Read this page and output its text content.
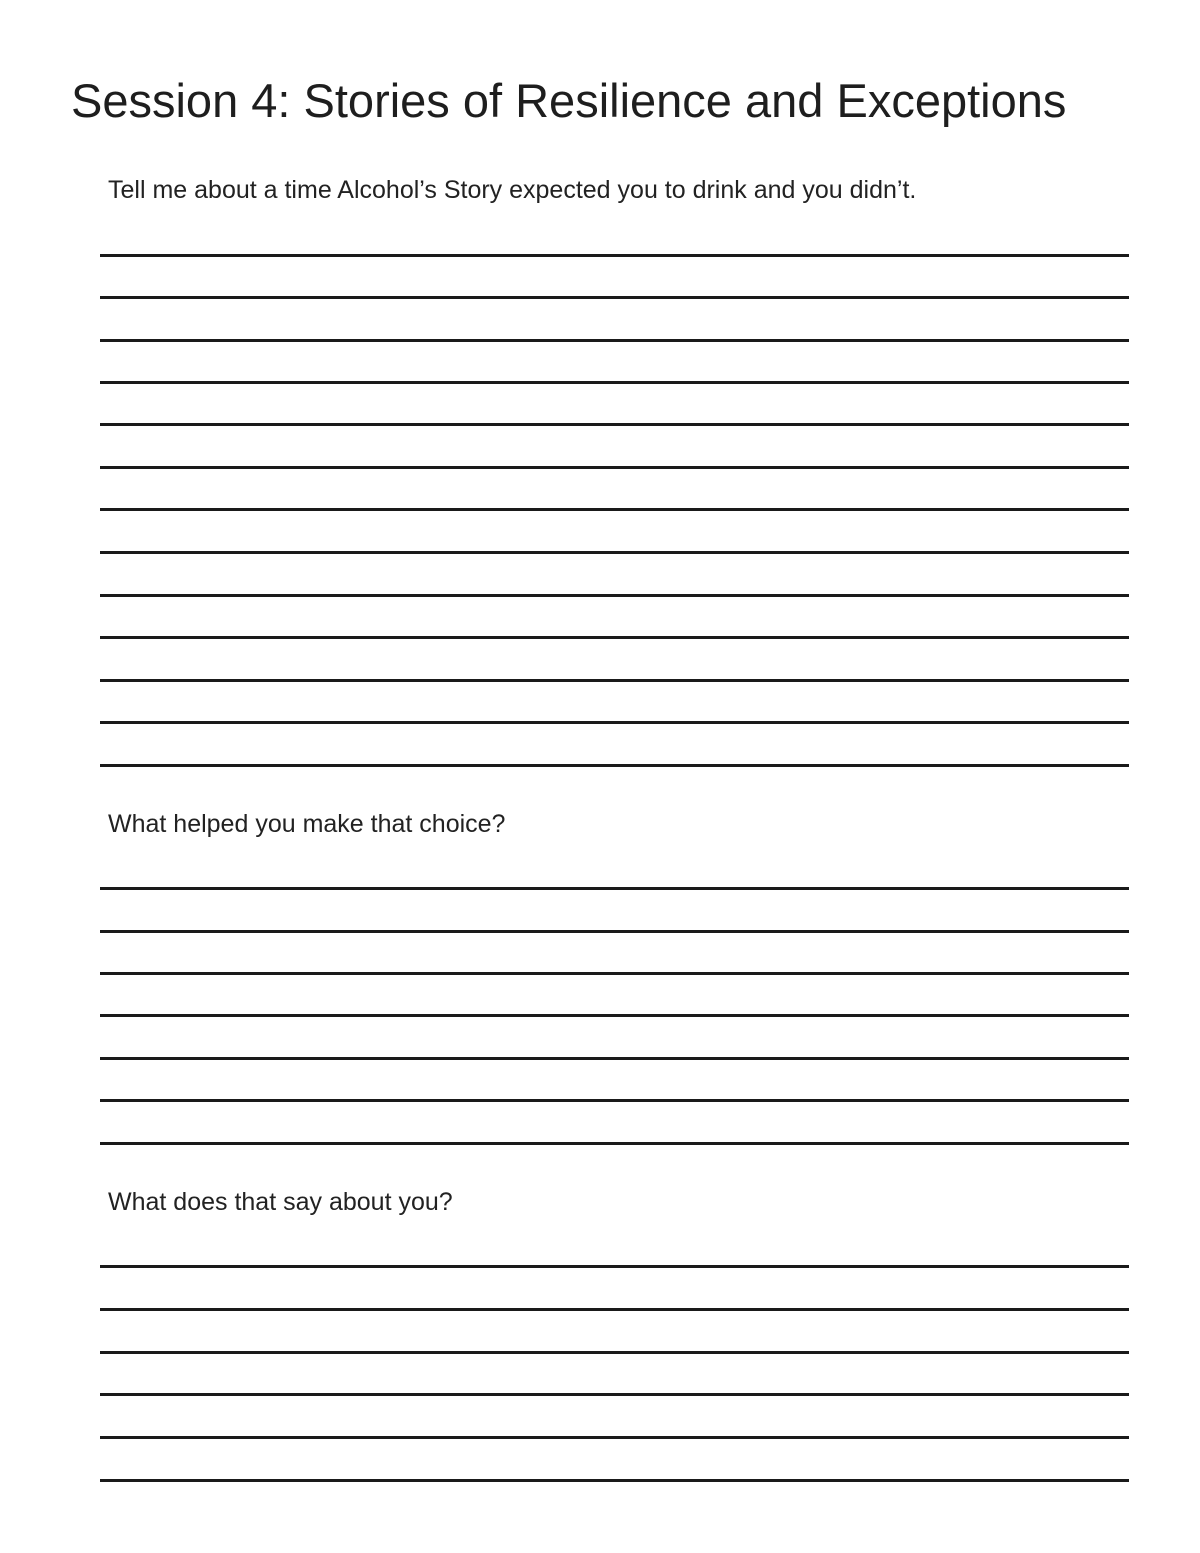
Session 4: Stories of Resilience and Exceptions

Tell me about a time Alcohol’s Story expected you to drink and you didn’t.

What helped you make that choice?

What does that say about you?
